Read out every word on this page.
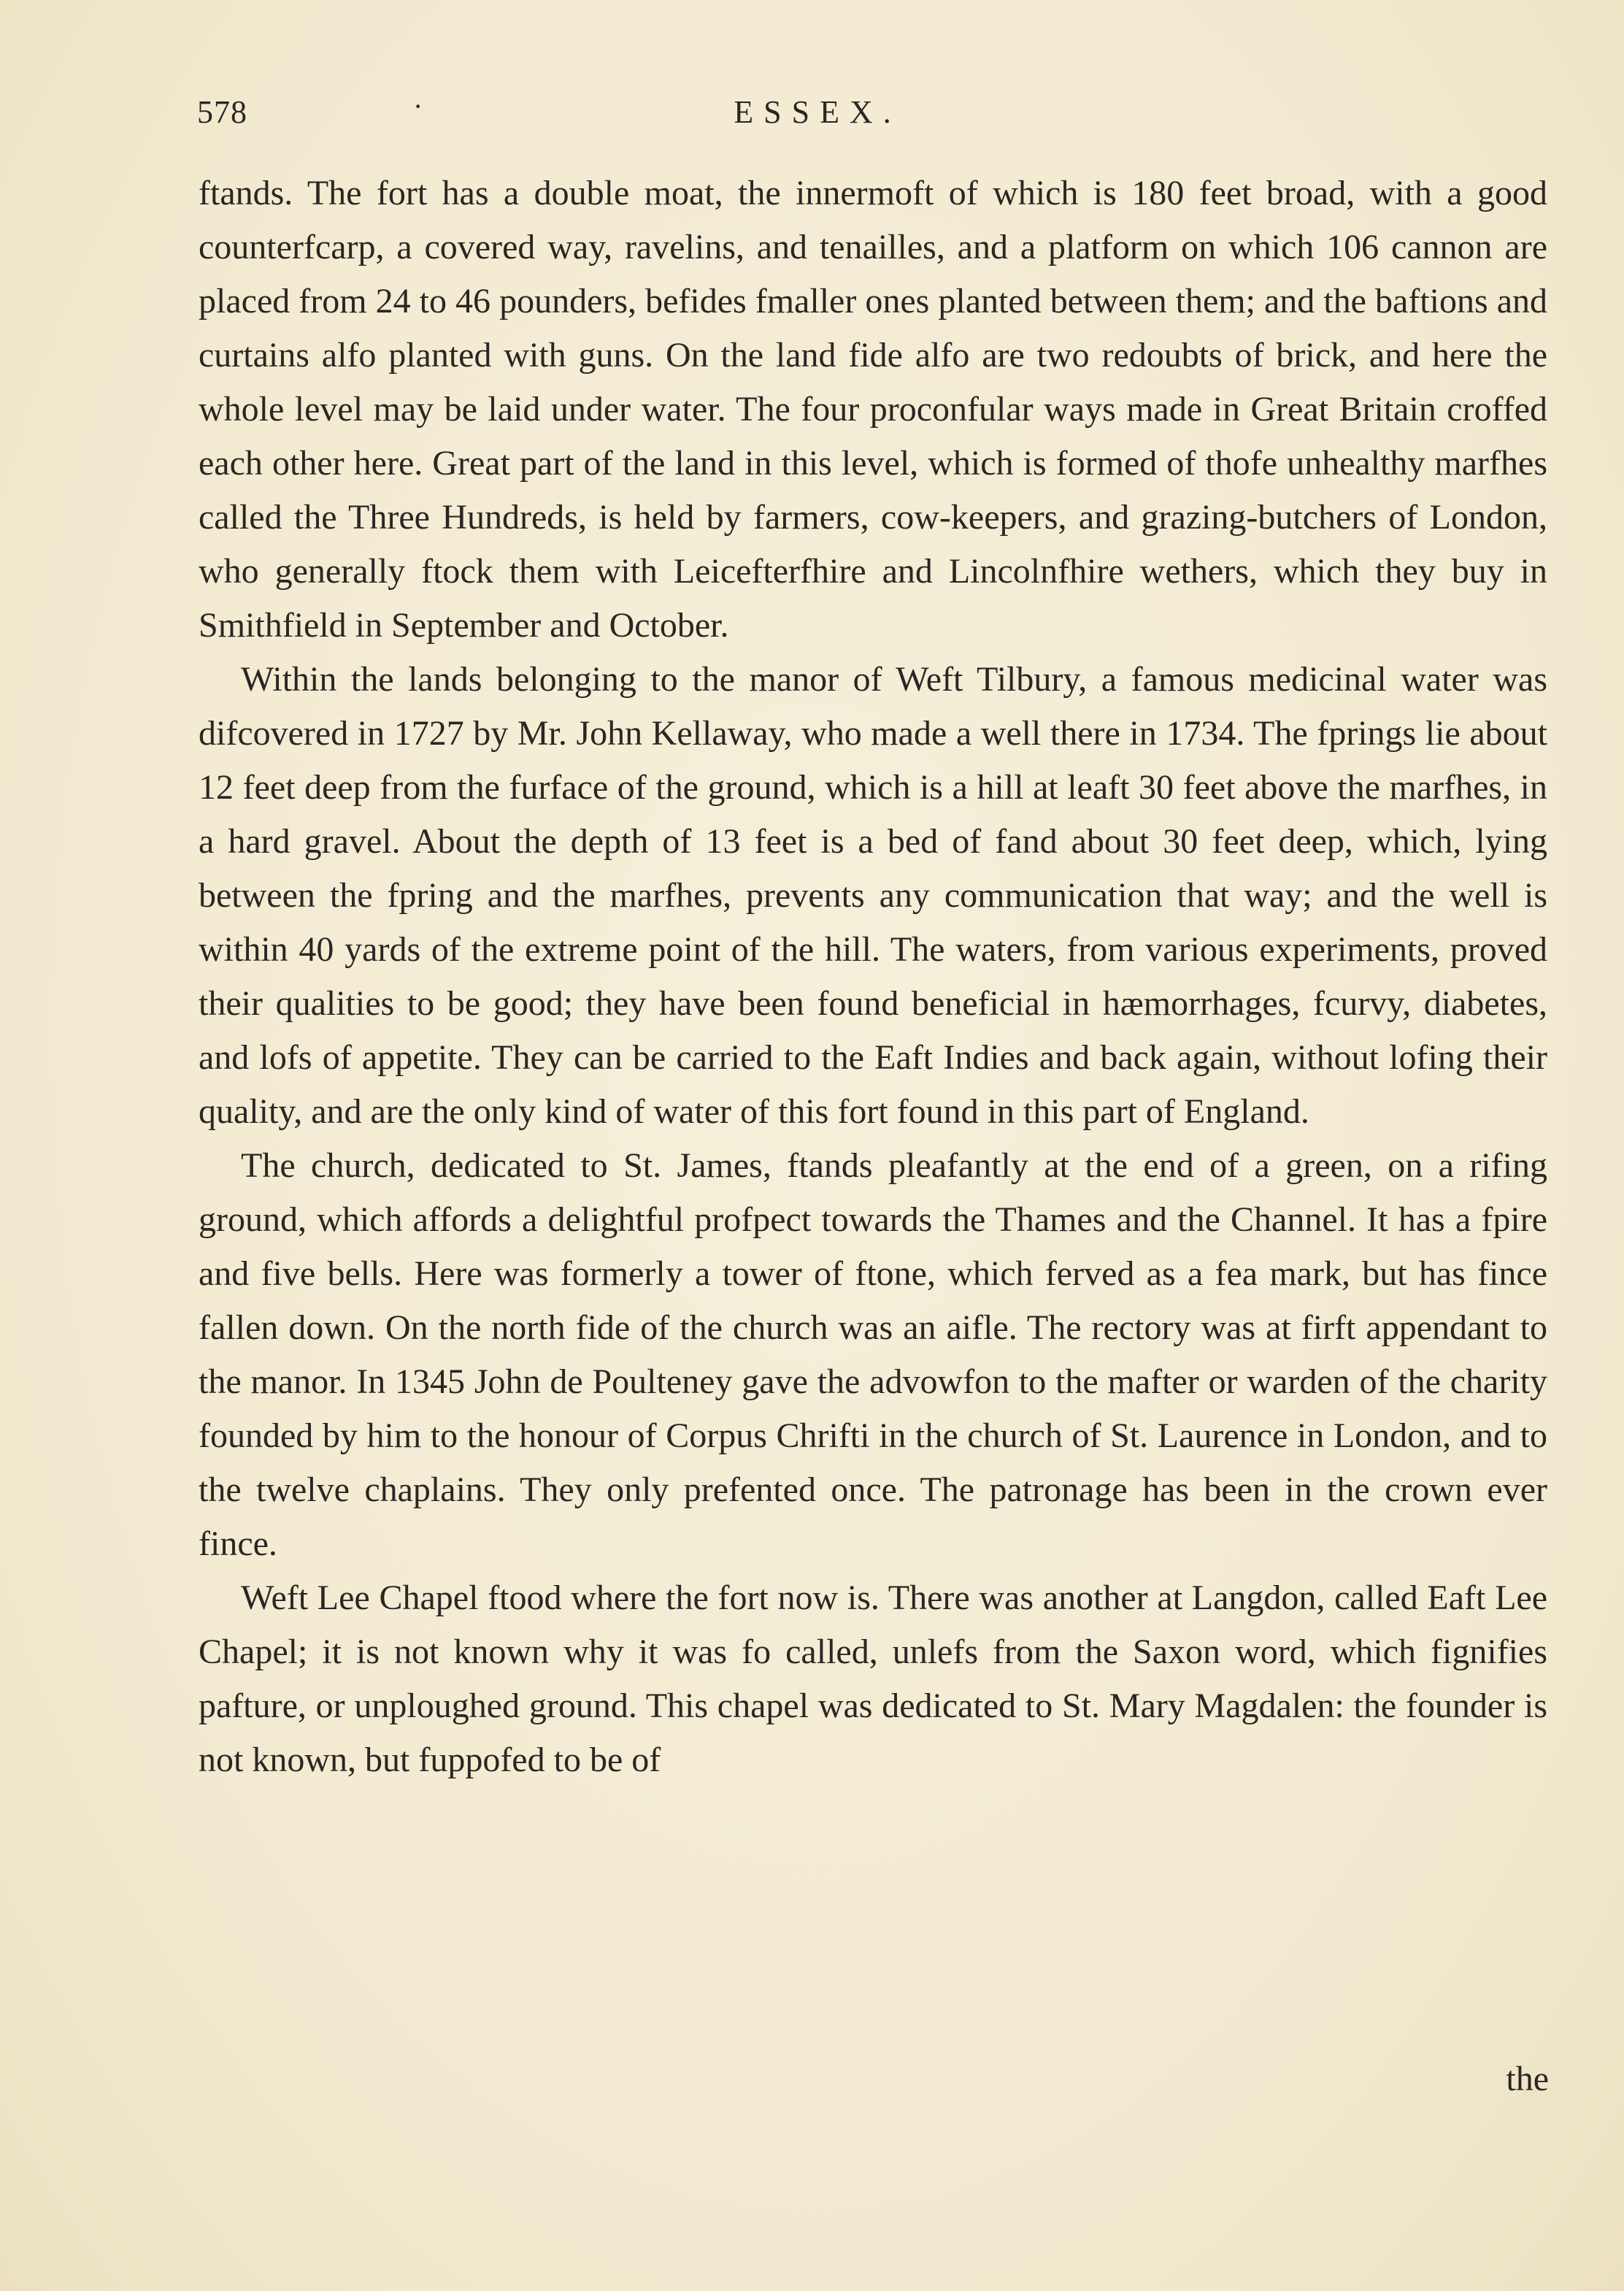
578	·	ESSEX.

ftands. The fort has a double moat, the innermoft of which is 180 feet broad, with a good counterfcarp, a covered way, ravelins, and tenailles, and a platform on which 106 cannon are placed from 24 to 46 pounders, befides fmaller ones planted between them; and the baftions and curtains alfo planted with guns. On the land fide alfo are two redoubts of brick, and here the whole level may be laid under water. The four proconfular ways made in Great Britain croffed each other here. Great part of the land in this level, which is formed of thofe unhealthy marfhes called the Three Hundreds, is held by farmers, cow-keepers, and grazing-butchers of London, who generally ftock them with Leicefterfhire and Lincolnfhire wethers, which they buy in Smithfield in September and October.

Within the lands belonging to the manor of Weft Tilbury, a famous medicinal water was difcovered in 1727 by Mr. John Kellaway, who made a well there in 1734. The fprings lie about 12 feet deep from the furface of the ground, which is a hill at leaft 30 feet above the marfhes, in a hard gravel. About the depth of 13 feet is a bed of fand about 30 feet deep, which, lying between the fpring and the marfhes, prevents any communication that way; and the well is within 40 yards of the extreme point of the hill. The waters, from various experiments, proved their qualities to be good; they have been found beneficial in hæmorrhages, fcurvy, diabetes, and lofs of appetite. They can be carried to the Eaft Indies and back again, without lofing their quality, and are the only kind of water of this fort found in this part of England.

The church, dedicated to St. James, ftands pleafantly at the end of a green, on a rifing ground, which affords a delightful profpect towards the Thames and the Channel. It has a fpire and five bells. Here was formerly a tower of ftone, which ferved as a fea mark, but has fince fallen down. On the north fide of the church was an aifle. The rectory was at firft appendant to the manor. In 1345 John de Poulteney gave the advowfon to the mafter or warden of the charity founded by him to the honour of Corpus Chrifti in the church of St. Laurence in London, and to the twelve chaplains. They only prefented once. The patronage has been in the crown ever fince.

Weft Lee Chapel ftood where the fort now is. There was another at Langdon, called Eaft Lee Chapel; it is not known why it was fo called, unlefs from the Saxon word, which fignifies pafture, or unploughed ground. This chapel was dedicated to St. Mary Magdalen: the founder is not known, but fuppofed to be of

the
